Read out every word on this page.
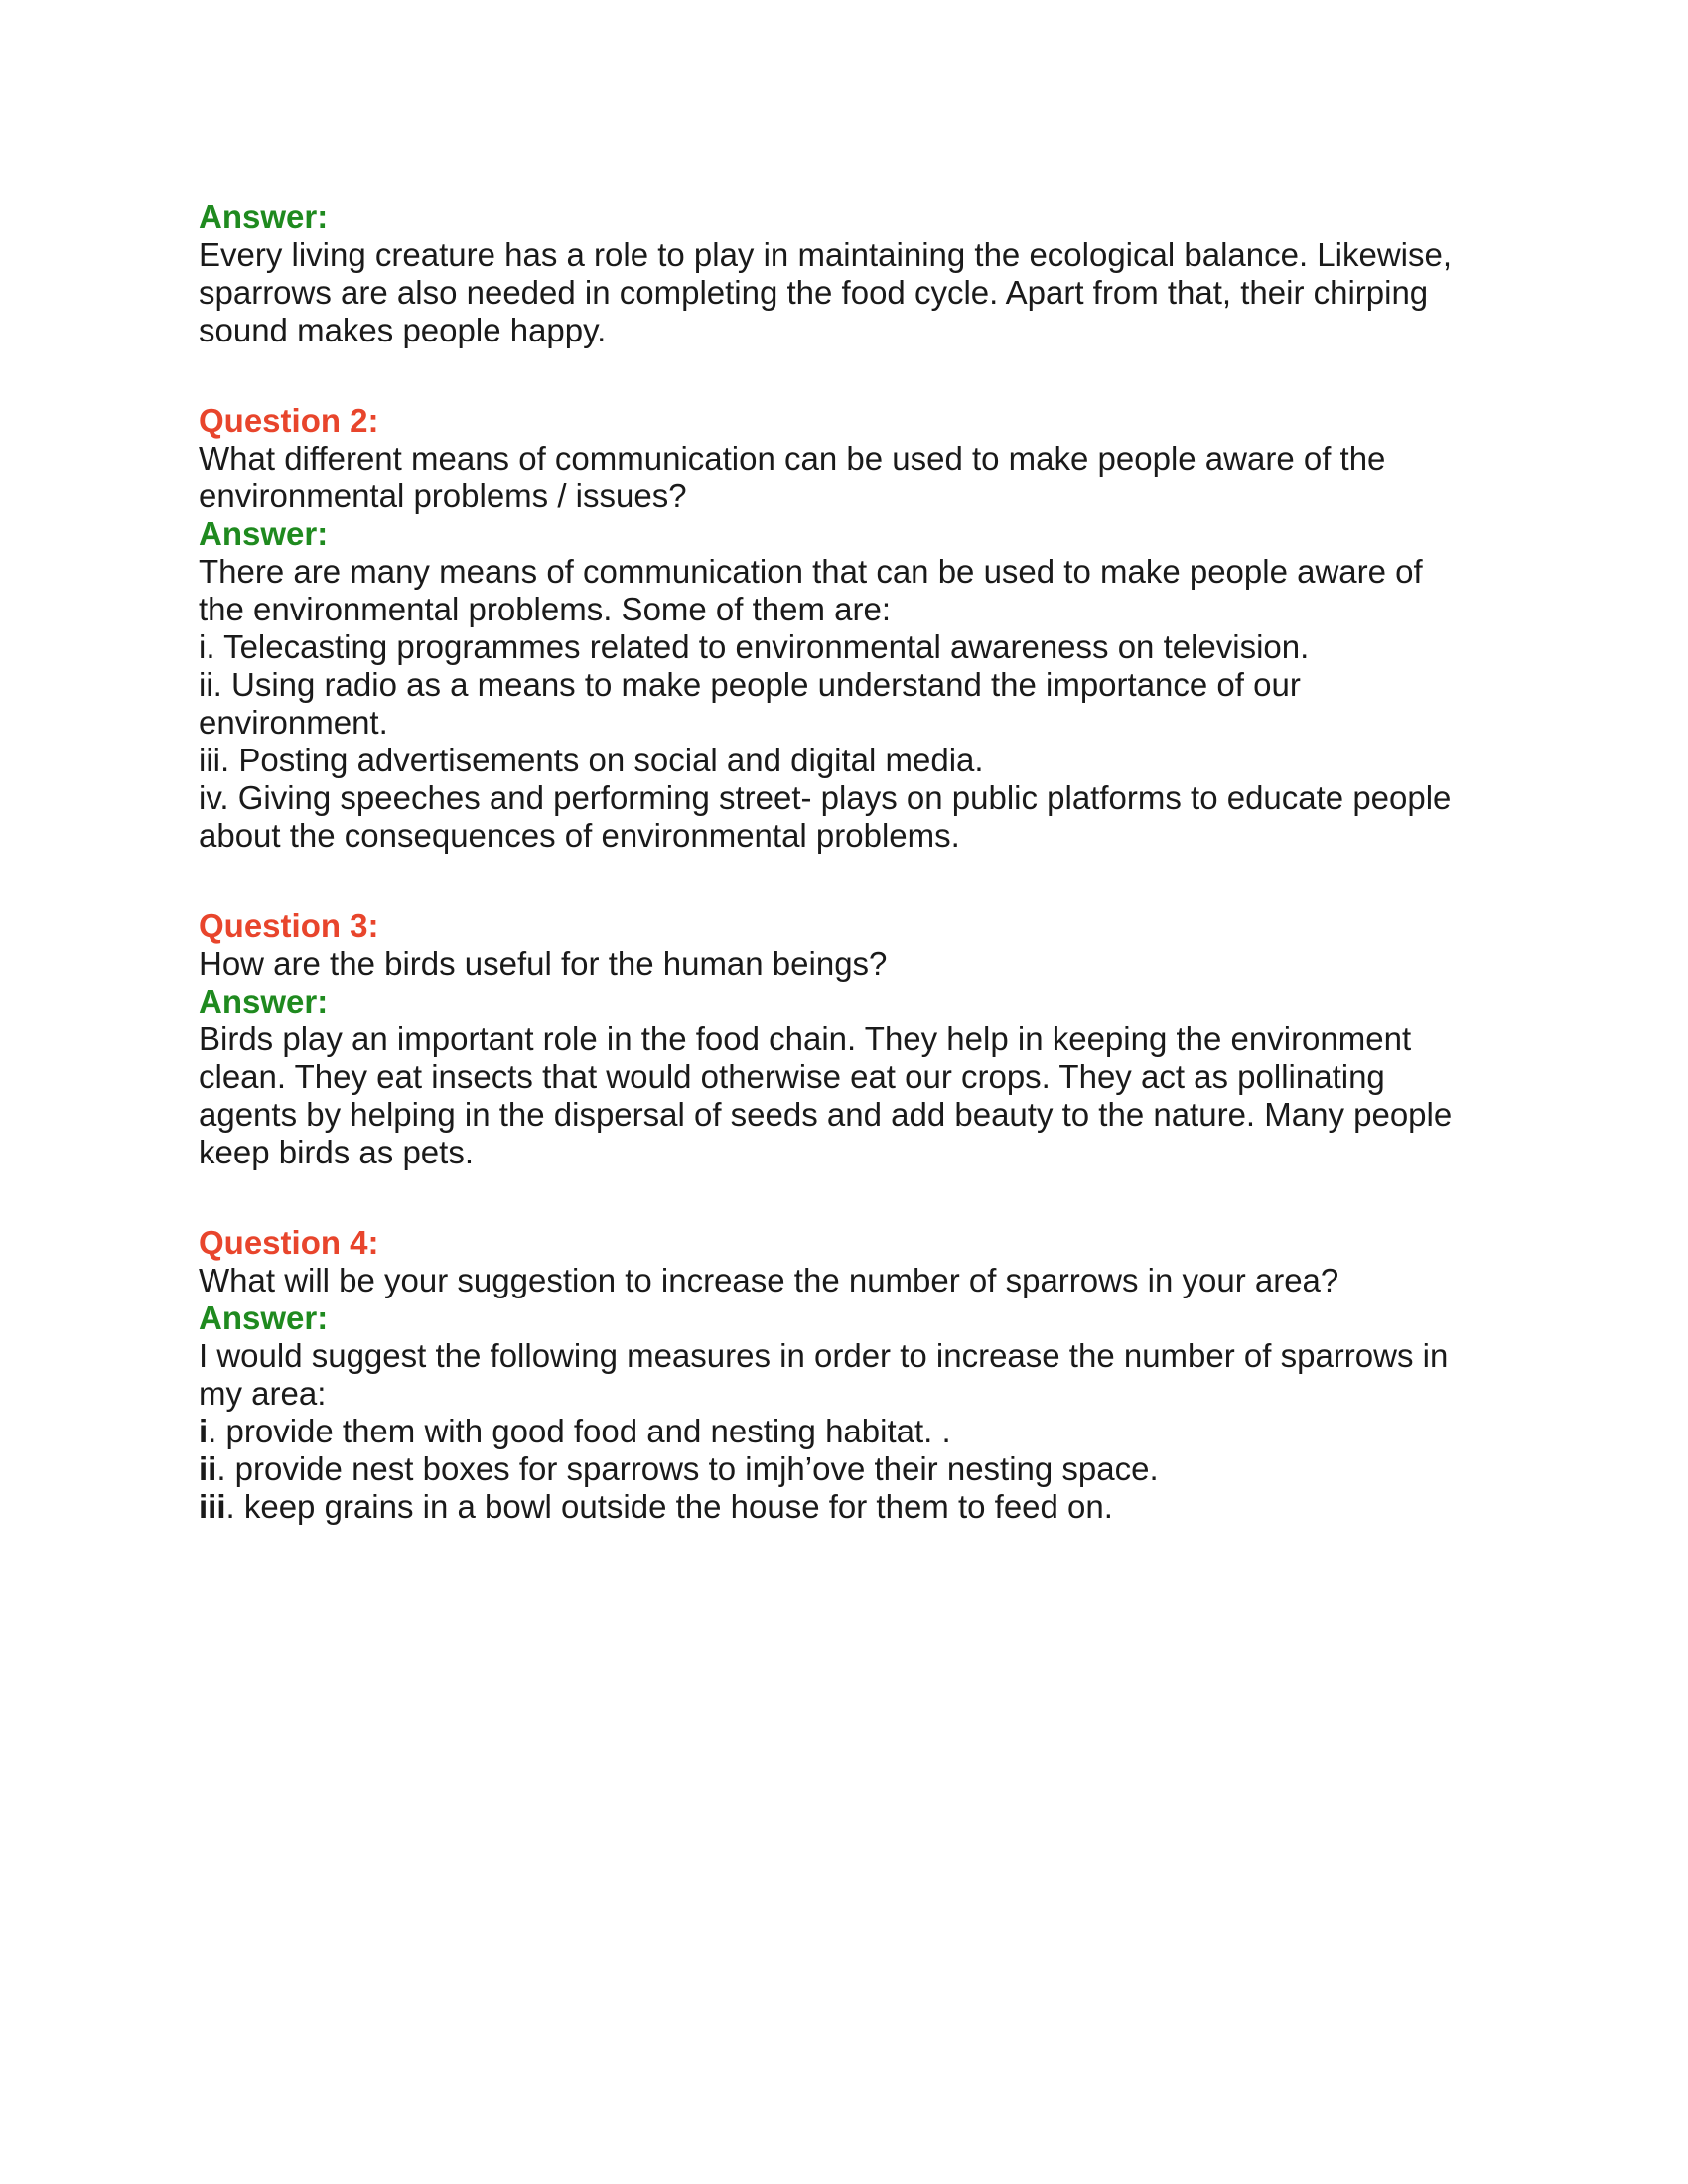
Answer:
Every living creature has a role to play in maintaining the ecological balance. Likewise,
sparrows are also needed in completing the food cycle. Apart from that, their chirping
sound makes people happy.
Question 2:
What different means of communication can be used to make people aware of the
environmental problems / issues?
Answer:
There are many means of communication that can be used to make people aware of
the environmental problems. Some of them are:
i. Telecasting programmes related to environmental awareness on television.
ii. Using radio as a means to make people understand the importance of our
environment.
iii. Posting advertisements on social and digital media.
iv. Giving speeches and performing street- plays on public platforms to educate people
about the consequences of environmental problems.
Question 3:
How are the birds useful for the human beings?
Answer:
Birds play an important role in the food chain. They help in keeping the environment
clean. They eat insects that would otherwise eat our crops. They act as pollinating
agents by helping in the dispersal of seeds and add beauty to the nature. Many people
keep birds as pets.
Question 4:
What will be your suggestion to increase the number of sparrows in your area?
Answer:
I would suggest the following measures in order to increase the number of sparrows in
my area:
i. provide them with good food and nesting habitat. .
ii. provide nest boxes for sparrows to imjh’ove their nesting space.
iii. keep grains in a bowl outside the house for them to feed on.
